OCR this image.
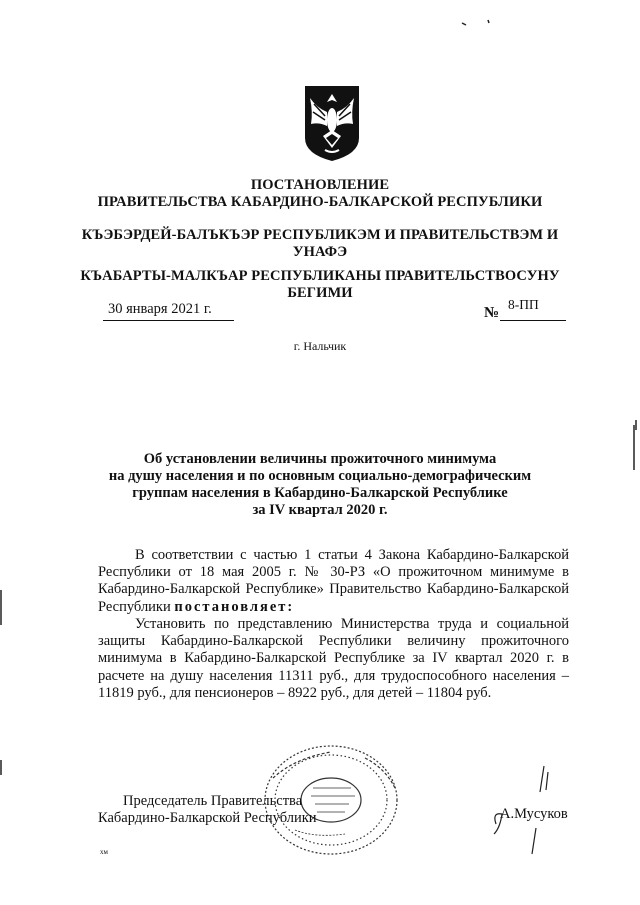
ПОСТАНОВЛЕНИЕ
ПРАВИТЕЛЬСТВА КАБАРДИНО-БАЛКАРСКОЙ РЕСПУБЛИКИ
КЪЭБЭРДЕЙ-БАЛЪКЪЭР РЕСПУБЛИКЭМ И ПРАВИТЕЛЬСТВЭМ И
УНАФЭ
КЪАБАРТЫ-МАЛКЪАР РЕСПУБЛИКАНЫ ПРАВИТЕЛЬСТВОСУНУ
БЕГИМИ
30 января 2021 г.	№
8-ПП
г. Нальчик
Об установлении величины прожиточного минимума
на душу населения и по основным социально-демографическим
группам населения в Кабардино-Балкарской Республике
за IV квартал 2020 г.
В соответствии с частью 1 статьи 4 Закона Кабардино-Балкарской Республики от 18 мая 2005 г. № 30-РЗ «О прожиточном минимуме в Кабардино-Балкарской Республике» Правительство Кабардино-Балкарской Республики постановляет:
Установить по представлению Министерства труда и социальной защиты Кабардино-Балкарской Республики величину прожиточного минимума в Кабардино-Балкарской Республике за IV квартал 2020 г. в расчете на душу населения 11311 руб., для трудоспособного населения – 11819 руб., для пенсионеров – 8922 руб., для детей – 11804 руб.
Председатель Правительства
Кабардино-Балкарской Республики	А.Мусуков
хм
